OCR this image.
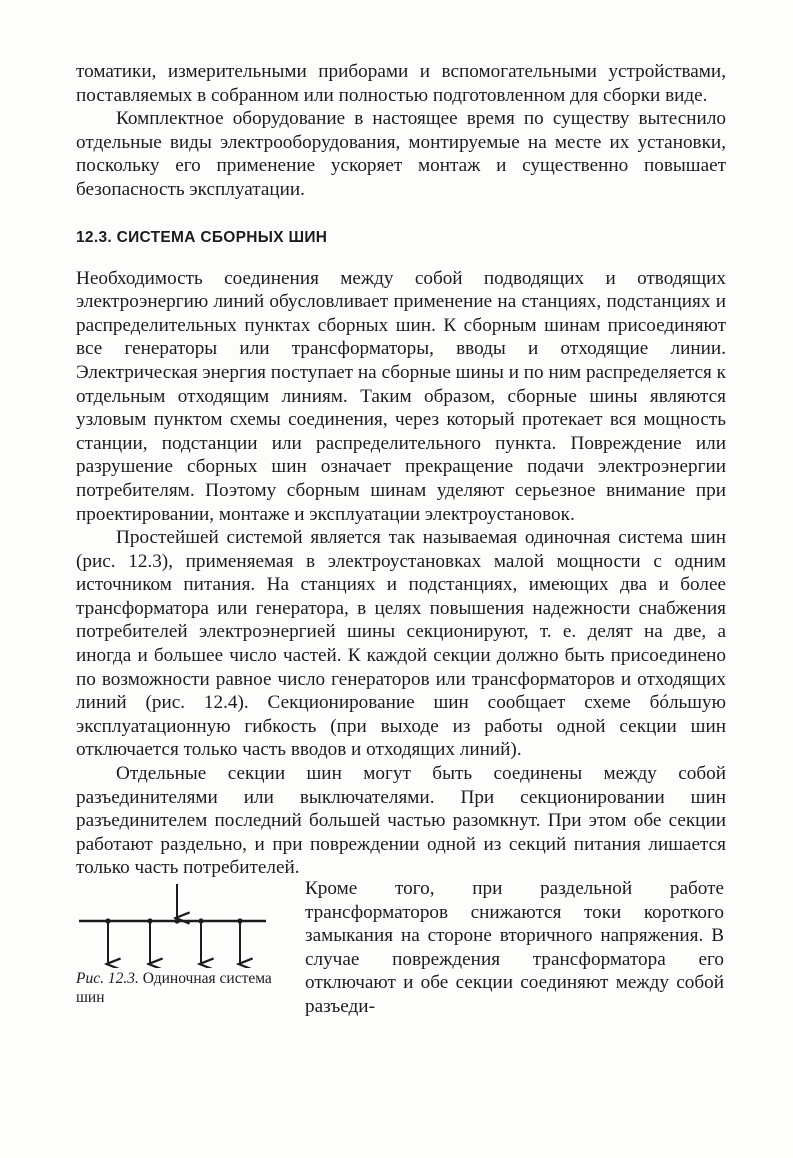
томатики, измерительными приборами и вспомогательными устройствами, поставляемых в собранном или полностью подготовленном для сборки виде.

Комплектное оборудование в настоящее время по существу вытеснило отдельные виды электрооборудования, монтируемые на месте их установки, поскольку его применение ускоряет монтаж и существенно повышает безопасность эксплуатации.

12.3. СИСТЕМА СБОРНЫХ ШИН

Необходимость соединения между собой подводящих и отводящих электроэнергию линий обусловливает применение на станциях, подстанциях и распределительных пунктах сборных шин. К сборным шинам присоединяют все генераторы или трансформаторы, вводы и отходящие линии. Электрическая энергия поступает на сборные шины и по ним распределяется к отдельным отходящим линиям. Таким образом, сборные шины являются узловым пунктом схемы соединения, через который протекает вся мощность станции, подстанции или распределительного пункта. Повреждение или разрушение сборных шин означает прекращение подачи электроэнергии потребителям. Поэтому сборным шинам уделяют серьезное внимание при проектировании, монтаже и эксплуатации электроустановок.

Простейшей системой является так называемая одиночная система шин (рис. 12.3), применяемая в электроустановках малой мощности с одним источником питания. На станциях и подстанциях, имеющих два и более трансформатора или генератора, в целях повышения надежности снабжения потребителей электроэнергией шины секционируют, т. е. делят на две, а иногда и большее число частей. К каждой секции должно быть присоединено по возможности равное число генераторов или трансформаторов и отходящих линий (рис. 12.4). Секционирование шин сообщает схеме бóльшую эксплуатационную гибкость (при выходе из работы одной секции шин отключается только часть вводов и отходящих линий).

Отдельные секции шин могут быть соединены между собой разъединителями или выключателями. При секционировании шин разъединителем последний большей частью разомкнут. При этом обе секции работают раздельно, и при повреждении одной из секций питания лишается только часть потребителей.

Рис. 12.3. Одиночная система шин
Кроме того, при раздельной работе трансформаторов снижаются токи короткого замыкания на стороне вторичного напряжения. В случае повреждения трансформатора его отключают и обе секции соединяют между собой разъеди-
